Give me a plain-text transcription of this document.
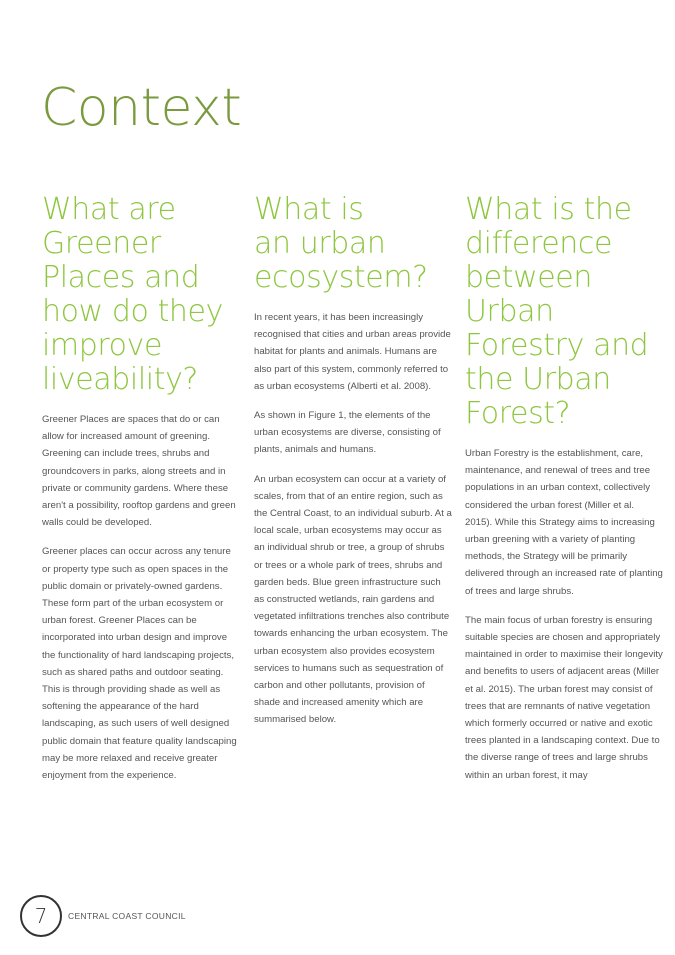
Context
What are
Greener
Places and
how do they
improve
liveability?

Greener Places are spaces that do or can allow for increased amount of greening. Greening can include trees, shrubs and groundcovers in parks, along streets and in private or community gardens. Where these aren't a possibility, rooftop gardens and green walls could be developed.

Greener places can occur across any tenure or property type such as open spaces in the public domain or privately-owned gardens. These form part of the urban ecosystem or urban forest. Greener Places can be incorporated into urban design and improve the functionality of hard landscaping projects, such as shared paths and outdoor seating. This is through providing shade as well as softening the appearance of the hard landscaping, as such users of well designed public domain that feature quality landscaping may be more relaxed and receive greater enjoyment from the experience.

What is
an urban
ecosystem?

In recent years, it has been increasingly recognised that cities and urban areas provide habitat for plants and animals. Humans are also part of this system, commonly referred to as urban ecosystems (Alberti et al. 2008).

As shown in Figure 1, the elements of the urban ecosystems are diverse, consisting of plants, animals and humans.

An urban ecosystem can occur at a variety of scales, from that of an entire region, such as the Central Coast, to an individual suburb. At a local scale, urban ecosystems may occur as an individual shrub or tree, a group of shrubs or trees or a whole park of trees, shrubs and garden beds. Blue green infrastructure such as constructed wetlands, rain gardens and vegetated infiltrations trenches also contribute towards enhancing the urban ecosystem. The urban ecosystem also provides ecosystem services to humans such as sequestration of carbon and other pollutants, provision of shade and increased amenity which are summarised below.

What is the
difference
between
Urban
Forestry and
the Urban
Forest?

Urban Forestry is the establishment, care, maintenance, and renewal of trees and tree populations in an urban context, collectively considered the urban forest (Miller et al. 2015). While this Strategy aims to increasing urban greening with a variety of planting methods, the Strategy will be primarily delivered through an increased rate of planting of trees and large shrubs.

The main focus of urban forestry is ensuring suitable species are chosen and appropriately maintained in order to maximise their longevity and benefits to users of adjacent areas (Miller et al. 2015). The urban forest may consist of trees that are remnants of native vegetation which formerly occurred or native and exotic trees planted in a landscaping context. Due to the diverse range of trees and large shrubs within an urban forest, it may

7 CENTRAL COAST COUNCIL
